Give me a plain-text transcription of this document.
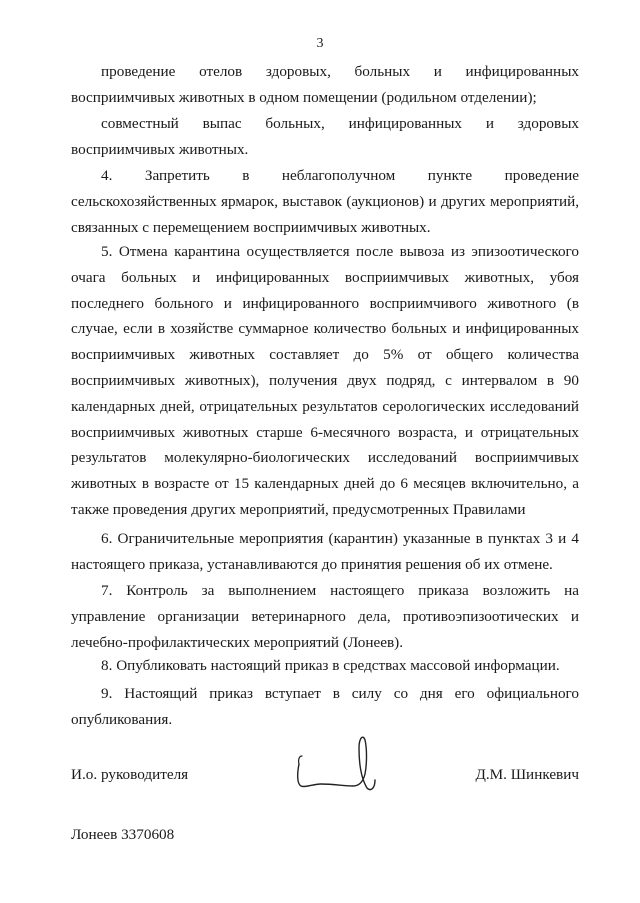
3

проведение отелов здоровых, больных и инфицированных восприимчивых животных в одном помещении (родильном отделении);

совместный выпас больных, инфицированных и здоровых восприимчивых животных.

4. Запретить в неблагополучном пункте проведение сельскохозяйственных ярмарок, выставок (аукционов) и других мероприятий, связанных с перемещением восприимчивых животных.

5. Отмена карантина осуществляется после вывоза из эпизоотического очага больных и инфицированных восприимчивых животных, убоя последнего больного и инфицированного восприимчивого животного (в случае, если в хозяйстве суммарное количество больных и инфицированных восприимчивых животных составляет до 5% от общего количества восприимчивых животных), получения двух подряд, с интервалом в 90 календарных дней, отрицательных результатов серологических исследований восприимчивых животных старше 6-месячного возраста, и отрицательных результатов молекулярно-биологических исследований восприимчивых животных в возрасте от 15 календарных дней до 6 месяцев включительно, а также проведения других мероприятий, предусмотренных Правилами

6. Ограничительные мероприятия (карантин) указанные в пунктах 3 и 4 настоящего приказа, устанавливаются до принятия решения об их отмене.

7. Контроль за выполнением настоящего приказа возложить на управление организации ветеринарного дела, противоэпизоотических и лечебно-профилактических мероприятий (Лонеев).

8. Опубликовать настоящий приказ в средствах массовой информации.

9. Настоящий приказ вступает в силу со дня его официального опубликования.

И.о. руководителя	Д.М. Шинкевич
Лонеев 3370608
